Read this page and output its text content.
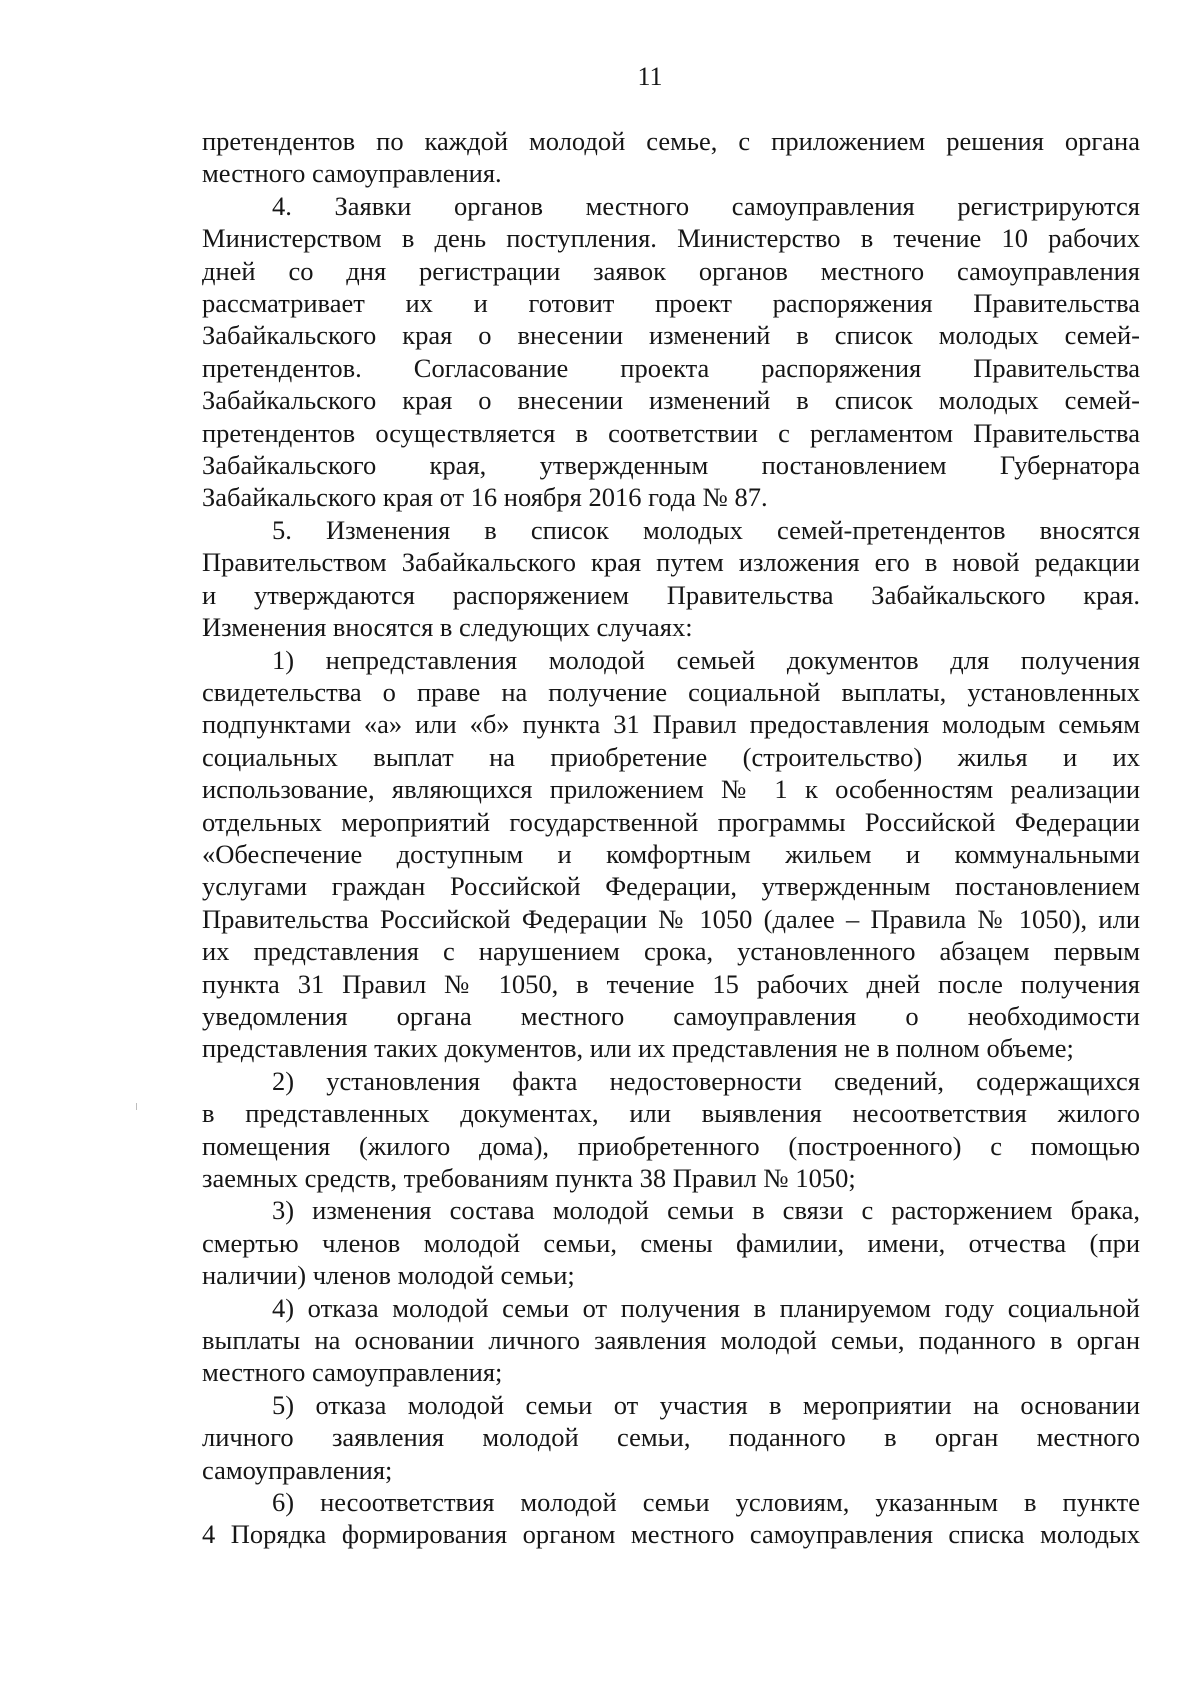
11
претендентов по каждой молодой семье, с приложением решения органа
местного самоуправления.
4. Заявки органов местного самоуправления регистрируются
Министерством в день поступления. Министерство в течение 10 рабочих
дней со дня регистрации заявок органов местного самоуправления
рассматривает их и готовит проект распоряжения Правительства
Забайкальского края о внесении изменений в список молодых семей-
претендентов. Согласование проекта распоряжения Правительства
Забайкальского края о внесении изменений в список молодых семей-
претендентов осуществляется в соответствии с регламентом Правительства
Забайкальского края, утвержденным постановлением Губернатора
Забайкальского края от 16 ноября 2016 года № 87.
5. Изменения в список молодых семей-претендентов вносятся
Правительством Забайкальского края путем изложения его в новой редакции
и утверждаются распоряжением Правительства Забайкальского края.
Изменения вносятся в следующих случаях:
1) непредставления молодой семьей документов для получения
свидетельства о праве на получение социальной выплаты, установленных
подпунктами «а» или «б» пункта 31 Правил предоставления молодым семьям
социальных выплат на приобретение (строительство) жилья и их
использование, являющихся приложением № 1 к особенностям реализации
отдельных мероприятий государственной программы Российской Федерации
«Обеспечение доступным и комфортным жильем и коммунальными
услугами граждан Российской Федерации, утвержденным постановлением
Правительства Российской Федерации № 1050 (далее – Правила № 1050), или
их представления с нарушением срока, установленного абзацем первым
пункта 31 Правил № 1050, в течение 15 рабочих дней после получения
уведомления органа местного самоуправления о необходимости
представления таких документов, или их представления не в полном объеме;
2) установления факта недостоверности сведений, содержащихся
в представленных документах, или выявления несоответствия жилого
помещения (жилого дома), приобретенного (построенного) с помощью
заемных средств, требованиям пункта 38 Правил № 1050;
3) изменения состава молодой семьи в связи с расторжением брака,
смертью членов молодой семьи, смены фамилии, имени, отчества (при
наличии) членов молодой семьи;
4) отказа молодой семьи от получения в планируемом году социальной
выплаты на основании личного заявления молодой семьи, поданного в орган
местного самоуправления;
5) отказа молодой семьи от участия в мероприятии на основании
личного заявления молодой семьи, поданного в орган местного
самоуправления;
6) несоответствия молодой семьи условиям, указанным в пункте
4 Порядка формирования органом местного самоуправления списка молодых
